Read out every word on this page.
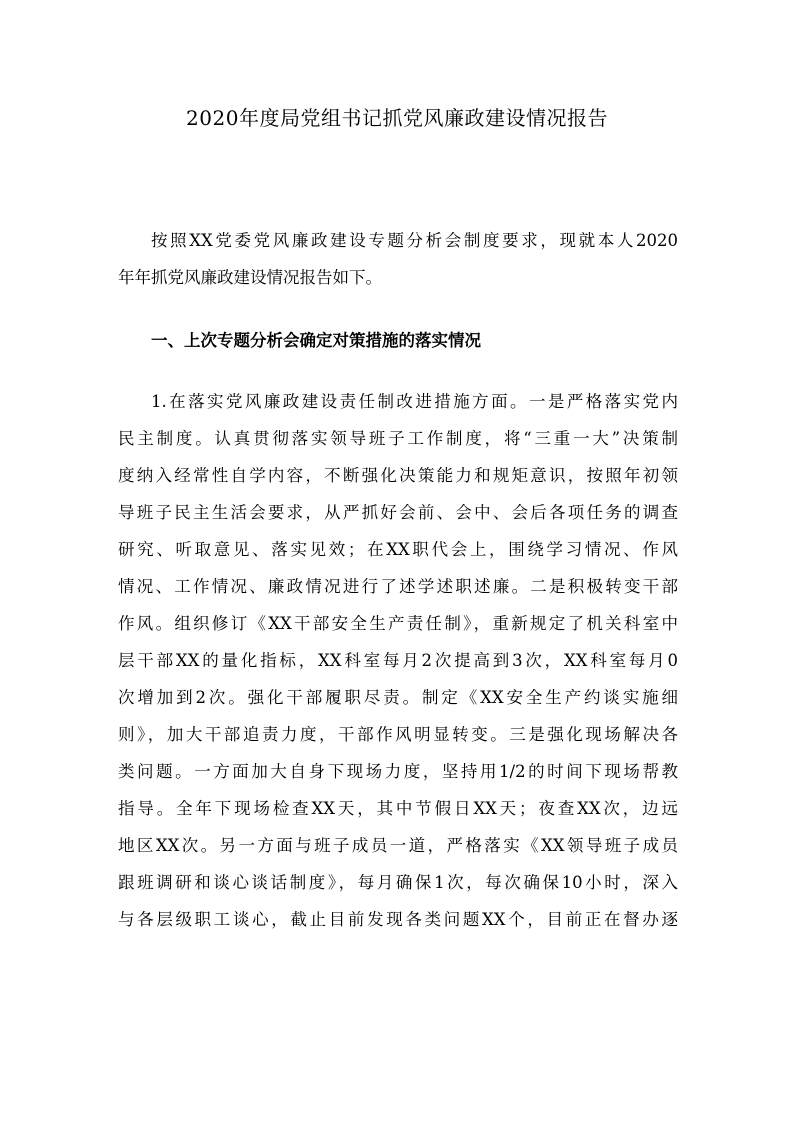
2020年度局党组书记抓党风廉政建设情况报告
按照XX党委党风廉政建设专题分析会制度要求，现就本人2020
年年抓党风廉政建设情况报告如下。
一、上次专题分析会确定对策措施的落实情况
1.在落实党风廉政建设责任制改进措施方面。一是严格落实党内
民主制度。认真贯彻落实领导班子工作制度，将“三重一大”决策制
度纳入经常性自学内容，不断强化决策能力和规矩意识，按照年初领
导班子民主生活会要求，从严抓好会前、会中、会后各项任务的调查
研究、听取意见、落实见效；在XX职代会上，围绕学习情况、作风
情况、工作情况、廉政情况进行了述学述职述廉。二是积极转变干部
作风。组织修订《XX干部安全生产责任制》，重新规定了机关科室中
层干部XX的量化指标，XX科室每月2次提高到3次，XX科室每月0
次增加到2次。强化干部履职尽责。制定《XX安全生产约谈实施细
则》，加大干部追责力度，干部作风明显转变。三是强化现场解决各
类问题。一方面加大自身下现场力度，坚持用1/2的时间下现场帮教
指导。全年下现场检查XX天，其中节假日XX天；夜查XX次，边远
地区XX次。另一方面与班子成员一道，严格落实《XX领导班子成员
跟班调研和谈心谈话制度》，每月确保1次，每次确保10小时，深入
与各层级职工谈心，截止目前发现各类问题XX个，目前正在督办逐
